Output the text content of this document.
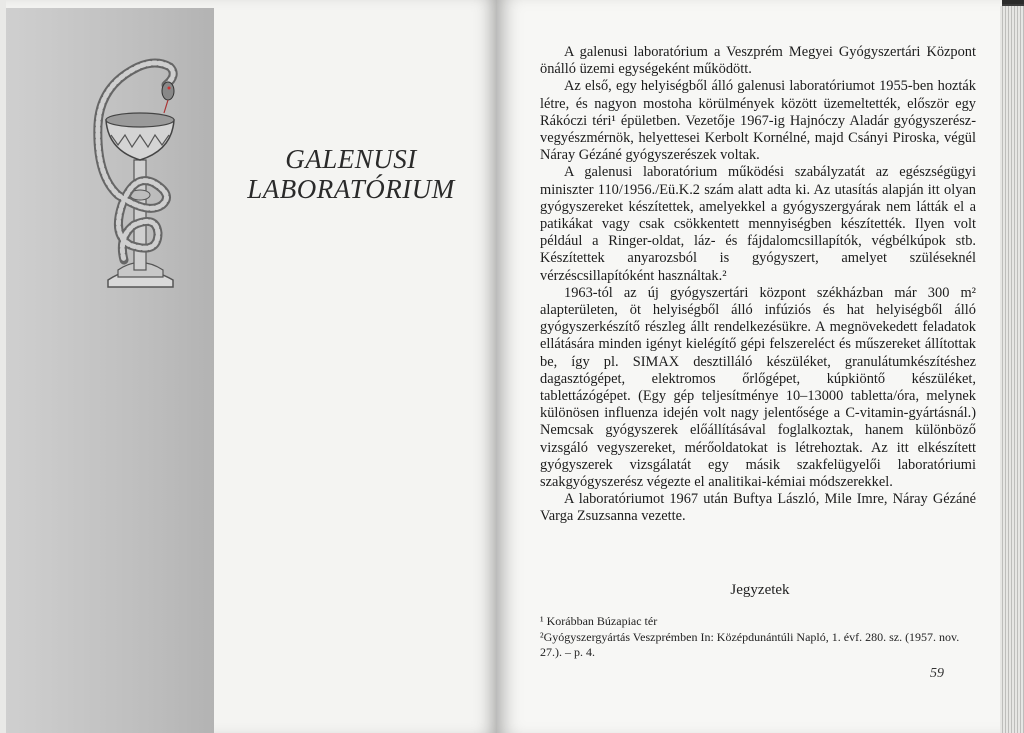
GALENUSI
LABORATÓRIUM

A galenusi laboratórium a Veszprém Megyei Gyógyszertári Központ önálló üzemi egységeként működött.

Az első, egy helyiségből álló galenusi laboratóriumot 1955-ben hozták létre, és nagyon mostoha körülmények között üzemeltették, először egy Rákóczi téri¹ épületben. Vezetője 1967-ig Hajnóczy Aladár gyógyszerész-vegyészmérnök, helyettesei Kerbolt Kornélné, majd Csányi Piroska, végül Náray Gézáné gyógyszerészek voltak.

A galenusi laboratórium működési szabályzatát az egészségügyi miniszter 110/1956./Eü.K.2 szám alatt adta ki. Az utasítás alapján itt olyan gyógyszereket készítettek, amelyekkel a gyógyszergyárak nem látták el a patikákat vagy csak csökkentett mennyiségben készítették. Ilyen volt például a Ringer-oldat, láz- és fájdalomcsillapítók, végbélkúpok stb. Készítettek anyarozsból is gyógyszert, amelyet szüléseknél vérzéscsillapítóként használtak.²

1963-tól az új gyógyszertári központ székházban már 300 m² alapterületen, öt helyiségből álló infúziós és hat helyiségből álló gyógyszerkészítő részleg állt rendelkezésükre. A megnövekedett feladatok ellátására minden igényt kielégítő gépi felszereléct és műszereket állítottak be, így pl. SIMAX desztilláló készüléket, granulátumkészítéshez dagasztógépet, elektromos őrlőgépet, kúpkiöntő készüléket, tablettázógépet. (Egy gép teljesítménye 10–13000 tabletta/óra, melynek különösen influenza idején volt nagy jelentősége a C-vitamin-gyártásnál.) Nemcsak gyógyszerek előállításával foglalkoztak, hanem különböző vizsgáló vegyszereket, mérőoldatokat is létrehoztak. Az itt elkészített gyógyszerek vizsgálatát egy másik szakfelügyelői laboratóriumi szakgyógyszerész végezte el analitikai-kémiai módszerekkel.

A laboratóriumot 1967 után Buftya László, Mile Imre, Náray Gézáné Varga Zsuzsanna vezette.

Jegyzetek
¹ Korábban Búzapiac tér
²Gyógyszergyártás Veszprémben In: Középdunántúli Napló, 1. évf. 280. sz. (1957. nov. 27.). – p. 4.
59
